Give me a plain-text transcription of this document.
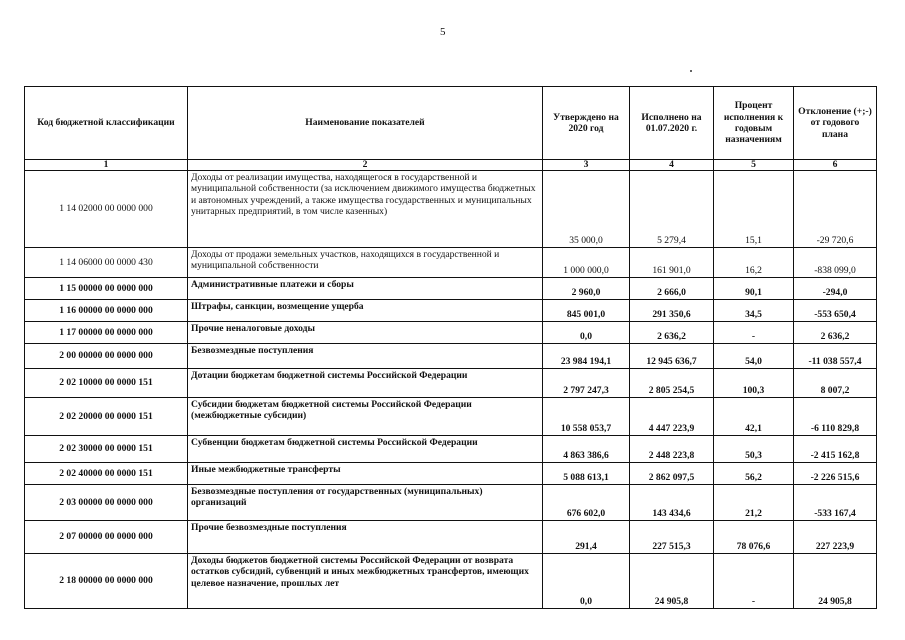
5
Код бюджетной классификации	Наименование показателей	Утверждено на 2020 год	Исполнено на 01.07.2020 г.	Процент исполнения к годовым назначениям	Отклонение (+;-) от годового плана
1	2	3	4	5	6
1 14 02000 00 0000 000	Доходы от реализации имущества, находящегося в государственной и муниципальной собственности (за исключением движимого имущества бюджетных и автономных учреждений, а также имущества государственных и муниципальных унитарных предприятий, в том числе казенных)	35 000,0	5 279,4	15,1	-29 720,6
1 14 06000 00 0000 430	Доходы от продажи земельных участков, находящихся в государственной и муниципальной собственности	1 000 000,0	161 901,0	16,2	-838 099,0
1 15 00000 00 0000 000	Административные платежи и сборы	2 960,0	2 666,0	90,1	-294,0
1 16 00000 00 0000 000	Штрафы, санкции, возмещение ущерба	845 001,0	291 350,6	34,5	-553 650,4
1 17 00000 00 0000 000	Прочие неналоговые доходы	0,0	2 636,2	-	2 636,2
2 00 00000 00 0000 000	Безвозмездные поступления	23 984 194,1	12 945 636,7	54,0	-11 038 557,4
2 02 10000 00 0000 151	Дотации бюджетам бюджетной системы Российской Федерации	2 797 247,3	2 805 254,5	100,3	8 007,2
2 02 20000 00 0000 151	Субсидии бюджетам бюджетной системы Российской Федерации (межбюджетные субсидии)	10 558 053,7	4 447 223,9	42,1	-6 110 829,8
2 02 30000 00 0000 151	Субвенции бюджетам бюджетной системы Российской Федерации	4 863 386,6	2 448 223,8	50,3	-2 415 162,8
2 02 40000 00 0000 151	Иные межбюджетные трансферты	5 088 613,1	2 862 097,5	56,2	-2 226 515,6
2 03 00000 00 0000 000	Безвозмездные поступления от государственных (муниципальных) организаций	676 602,0	143 434,6	21,2	-533 167,4
2 07 00000 00 0000 000	Прочие безвозмездные поступления	291,4	227 515,3	78 076,6	227 223,9
2 18 00000 00 0000 000	Доходы бюджетов бюджетной системы Российской Федерации от возврата остатков субсидий, субвенций и иных межбюджетных трансфертов, имеющих целевое назначение, прошлых лет	0,0	24 905,8	-	24 905,8
